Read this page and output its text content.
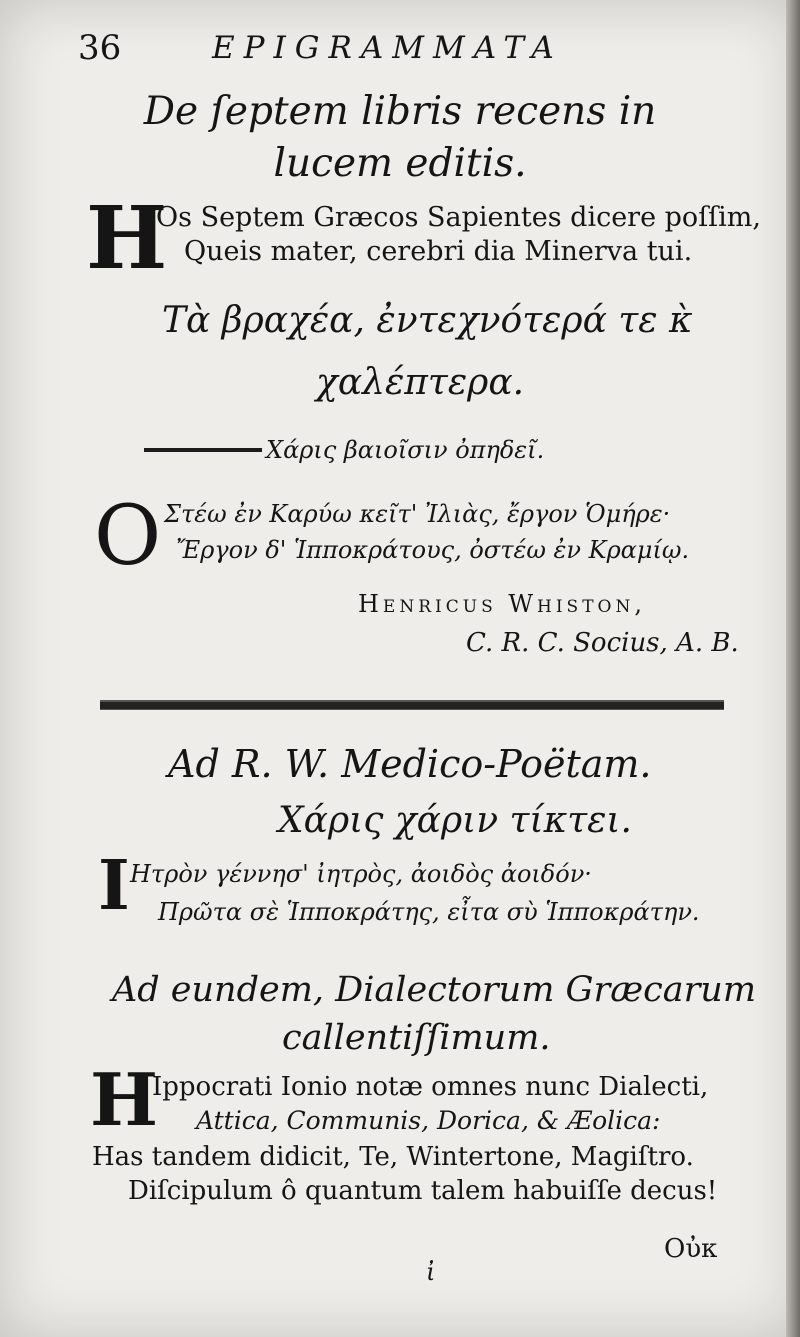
36	EPIGRAMMATA
De ſeptem libris recens in
lucem editis.
H
Os Septem Græcos Sapientes dicere poſſim,
Queis mater, cerebri dia Minerva tui.
Τὰ βραχέα, ἐντεχνότερά τε κ̀
χαλέπτερα.
Χάρις βαιοῖσιν ὀπηδεῖ.
O Στέω ἐν Καρύω κεῖτ' Ἰλιὰς, ἔργον Ὁμήρε·
Ἔργον δ' Ἱπποκράτους, ὀστέω ἐν Κραμίῳ.
Henricus Whiston,
C. R. C. Socius, A. B.
Ad R. W. Medico-Poëtam.
Χάρις χάριν τίκτει.
I Ητρὸν γέννησ' ἰητρὸς, ἀοιδὸς ἀοιδόν·
Πρῶτα σὲ Ἱπποκράτης, εἶτα σὺ Ἱπποκράτην.
Ad eundem, Dialectorum Græcarum
callentiſſimum.
H
Ippocrati Ionio notæ omnes nunc Dialecti,
Attica, Communis, Dorica, & Æolica:
Has tandem didicit, Te, Wintertone, Magiſtro.
Diſcipulum ô quantum talem habuiſſe decus!
ἰ
Οὐκ
